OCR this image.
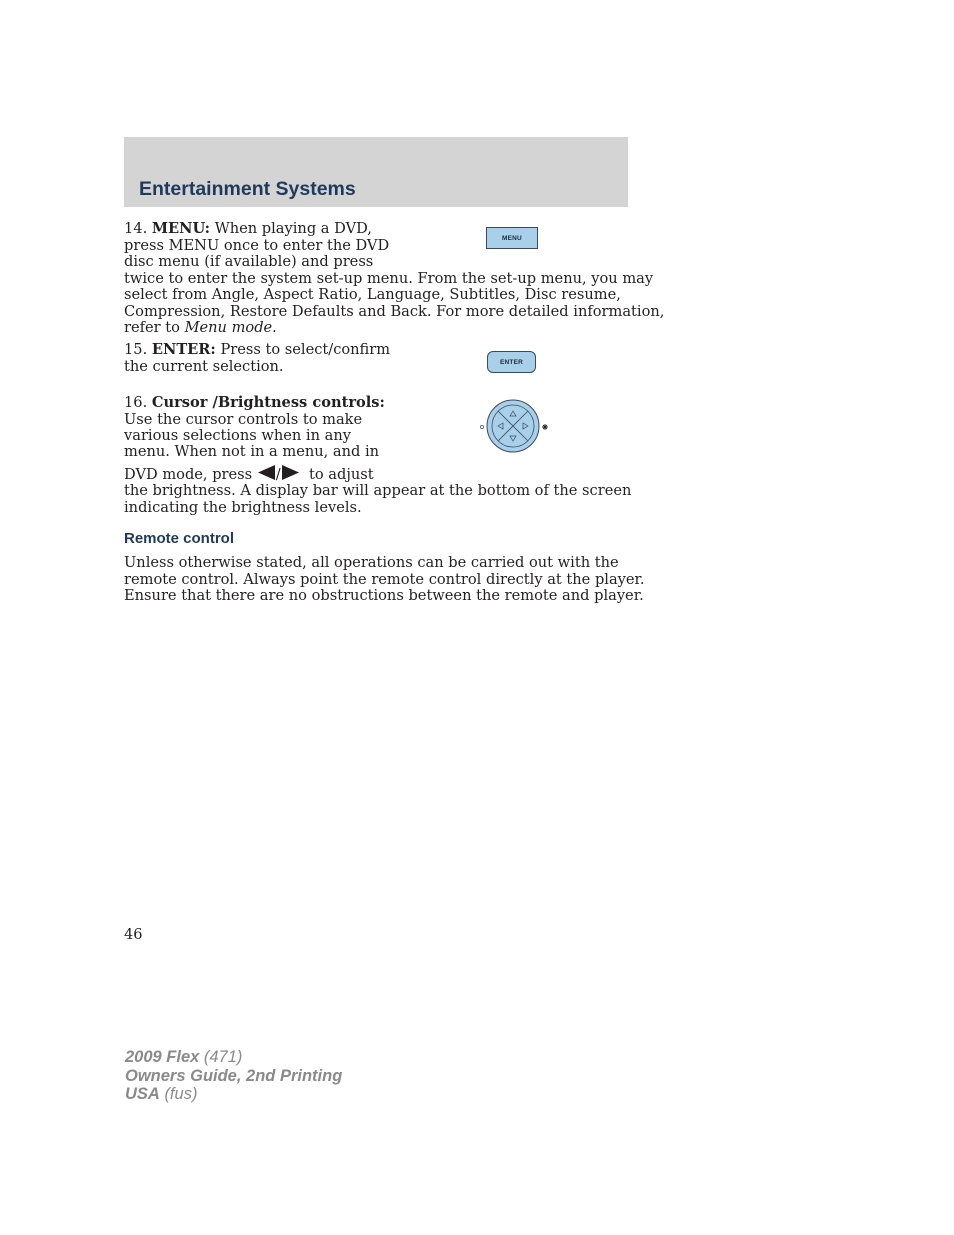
Entertainment Systems

14. MENU: When playing a DVD,

press MENU once to enter the DVD

disc menu (if available) and press

twice to enter the system set-up menu. From the set-up menu, you may

select from Angle, Aspect Ratio, Language, Subtitles, Disc resume,

Compression, Restore Defaults and Back. For more detailed information,

refer to Menu mode.

MENU

15. ENTER: Press to select/confirm

the current selection.	ENTER

16. Cursor /Brightness controls:

Use the cursor controls to make

various selections when in any

menu. When not in a menu, and in

DVD mode, press / to adjust

the brightness. A display bar will appear at the bottom of the screen

indicating the brightness levels.

Remote control

Unless otherwise stated, all operations can be carried out with the

remote control. Always point the remote control directly at the player.

Ensure that there are no obstructions between the remote and player.

46

2009 Flex (471)
Owners Guide, 2nd Printing
USA (fus)
